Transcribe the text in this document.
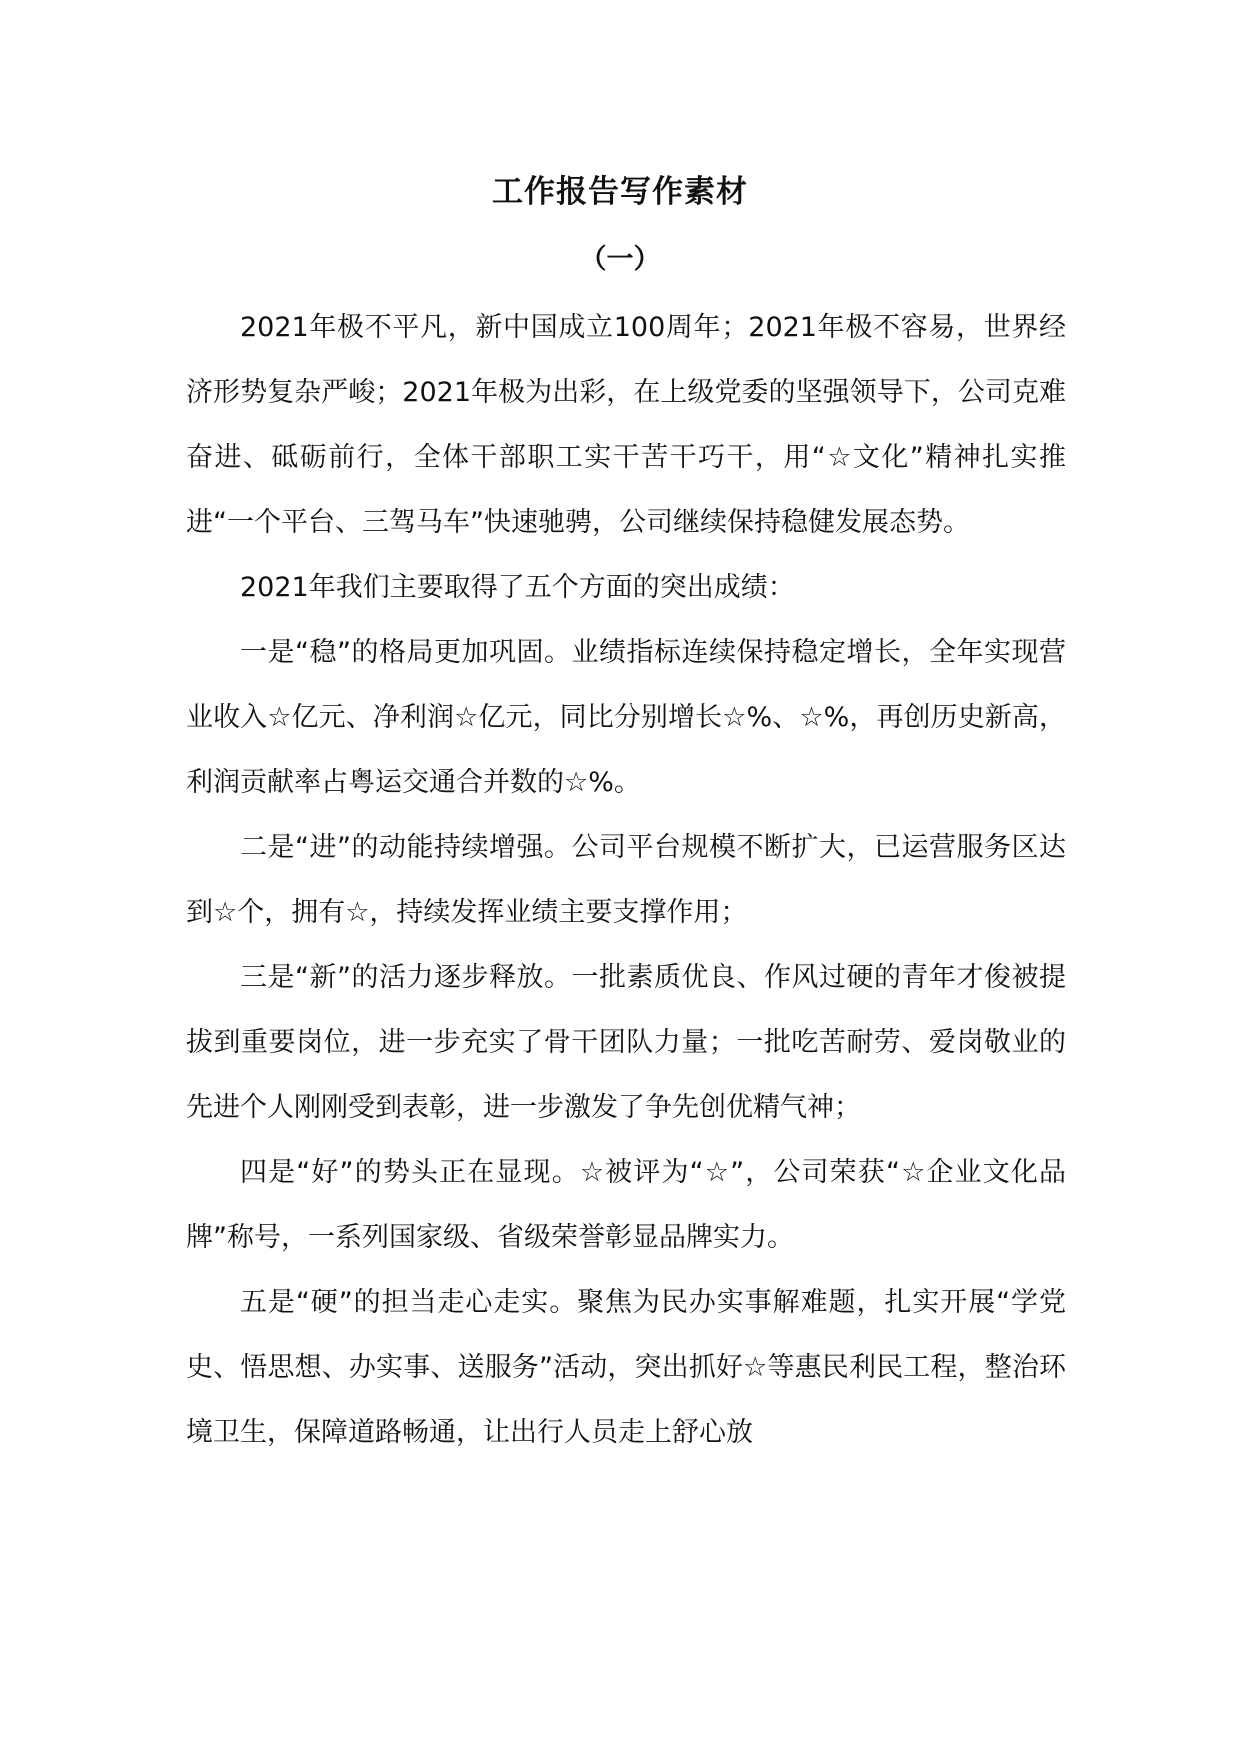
工作报告写作素材
（一）

2021年极不平凡，新中国成立100周年；2021年极不容易，世界经济形势复杂严峻；2021年极为出彩，在上级党委的坚强领导下，公司克难奋进、砥砺前行，全体干部职工实干苦干巧干，用“☆文化”精神扎实推进“一个平台、三驾马车”快速驰骋，公司继续保持稳健发展态势。

2021年我们主要取得了五个方面的突出成绩：

一是“稳”的格局更加巩固。业绩指标连续保持稳定增长，全年实现营业收入☆亿元、净利润☆亿元，同比分别增长☆%、☆%，再创历史新高，利润贡献率占粤运交通合并数的☆%。

二是“进”的动能持续增强。公司平台规模不断扩大，已运营服务区达到☆个，拥有☆，持续发挥业绩主要支撑作用；

三是“新”的活力逐步释放。一批素质优良、作风过硬的青年才俊被提拔到重要岗位，进一步充实了骨干团队力量；一批吃苦耐劳、爱岗敬业的先进个人刚刚受到表彰，进一步激发了争先创优精气神；

四是“好”的势头正在显现。☆被评为“☆”，公司荣获“☆企业文化品牌”称号，一系列国家级、省级荣誉彰显品牌实力。

五是“硬”的担当走心走实。聚焦为民办实事解难题，扎实开展“学党史、悟思想、办实事、送服务”活动，突出抓好☆等惠民利民工程，整治环境卫生，保障道路畅通，让出行人员走上舒心放
